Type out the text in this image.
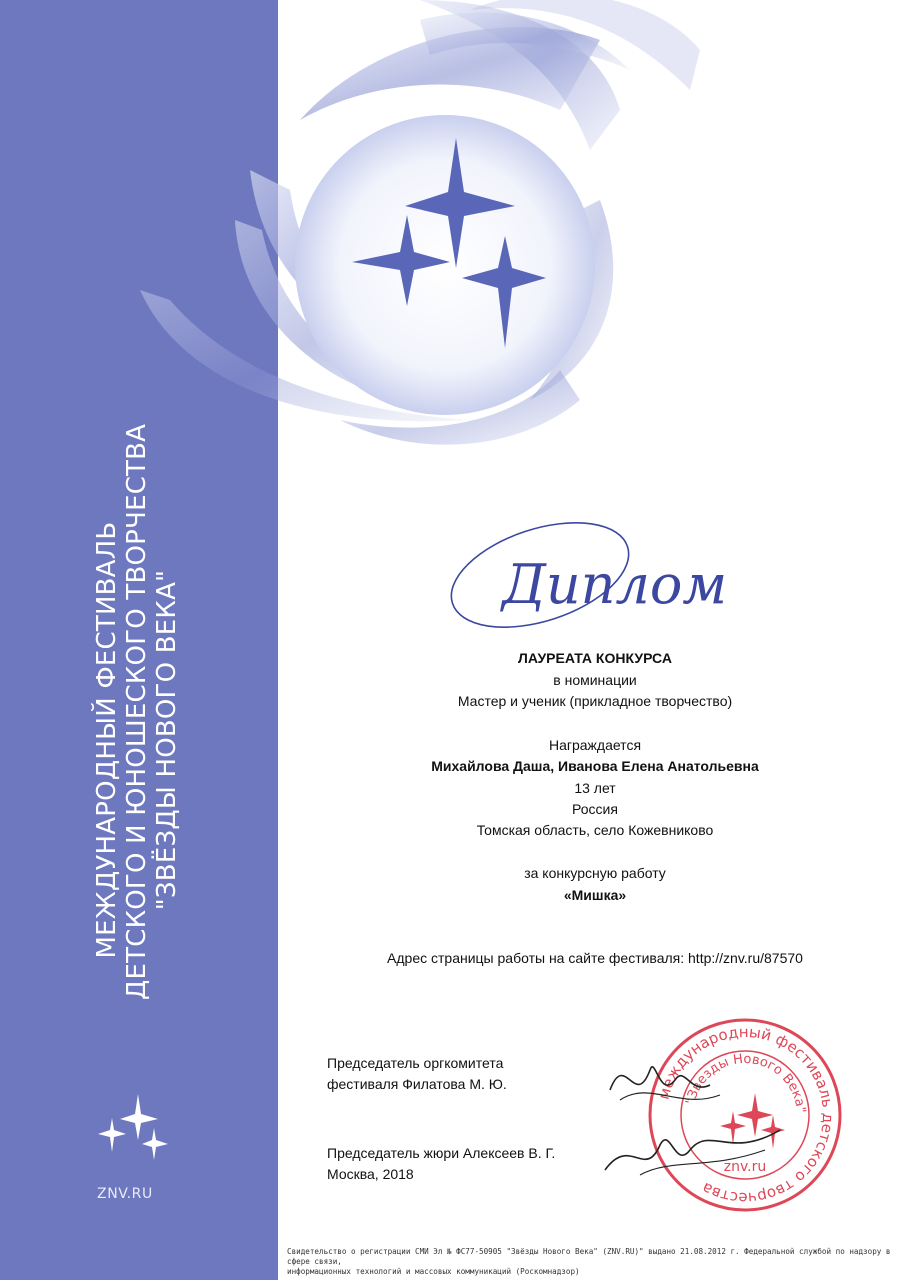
МЕЖДУНАРОДНЫЙ ФЕСТИВАЛЬ ДЕТСКОГО И ЮНОШЕСКОГО ТВОРЧЕСТВА "ЗВЁЗДЫ НОВОГО ВЕКА"
ZNV.RU
Диплом
ЛАУРЕАТА КОНКУРСА
в номинации
Мастер и ученик (прикладное творчество)
Награждается
Михайлова Даша, Иванова Елена Анатольевна
13 лет
Россия
Томская область, село Кожевниково
за конкурсную работу
«Мишка»
Адрес страницы работы на сайте фестиваля: http://znv.ru/87570
Председатель оргкомитета
фестиваля Филатова М. Ю.
Председатель жюри Алексеев В. Г.
Москва, 2018
международный фестиваль детского творчества
"Звезды Нового Века"
znv.ru
Свидетельство о регистрации СМИ Эл № ФС77-50905 "Звёзды Нового Века" (ZNV.RU)" выдано 21.08.2012 г. Федеральной службой по надзору в сфере связи,
информационных технологий и массовых коммуникаций (Роскомнадзор)
